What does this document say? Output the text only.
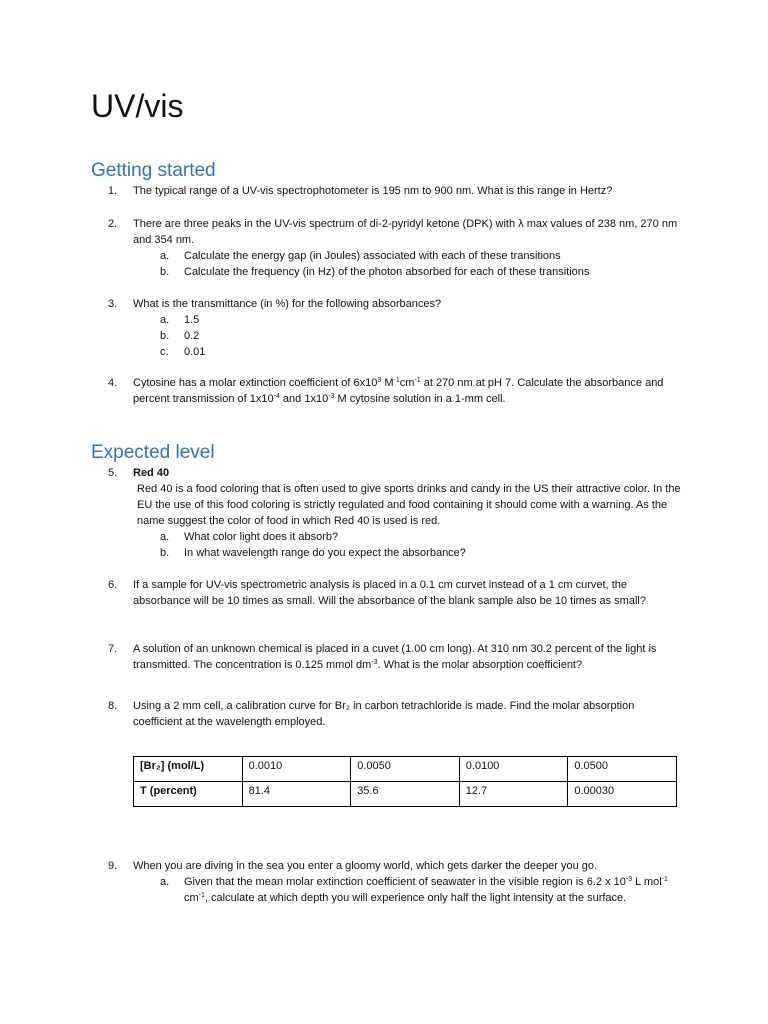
UV/vis
Getting started
1.	The typical range of a UV-vis spectrophotometer is 195 nm to 900 nm. What is this range in Hertz?
2.	There are three peaks in the UV-vis spectrum of di-2-pyridyl ketone (DPK) with λ max values of 238 nm, 270 nm and 354 nm.
a. Calculate the energy gap (in Joules) associated with each of these transitions
b. Calculate the frequency (in Hz) of the photon absorbed for each of these transitions
3.	What is the transmittance (in %) for the following absorbances?
a. 1.5
b. 0.2
c. 0.01
4.	Cytosine has a molar extinction coefficient of $6x10^3$ $M^{-1}cm^{-1}$ at 270 nm at pH 7. Calculate the absorbance and percent transmission of $1x10^{-4}$ and $1x10^{-3}$ M cytosine solution in a 1-mm cell.
Expected level
5.	Red 40
Red 40 is a food coloring that is often used to give sports drinks and candy in the US their attractive color. In the EU the use of this food coloring is strictly regulated and food containing it should come with a warning. As the name suggest the color of food in which Red 40 is used is red.
a. What color light does it absorb?
b. In what wavelength range do you expect the absorbance?
6.	If a sample for UV-vis spectrometric analysis is placed in a 0.1 cm curvet instead of a 1 cm curvet, the absorbance will be 10 times as small. Will the absorbance of the blank sample also be 10 times as small?
7.	A solution of an unknown chemical is placed in a cuvet (1.00 cm long). At 310 nm 30.2 percent of the light is transmitted. The concentration is 0.125 mmol $dm^{-3}$. What is the molar absorption coefficient?
8.	Using a 2 mm cell, a calibration curve for Br₂ in carbon tetrachloride is made. Find the molar absorption coefficient at the wavelength employed.
[Br₂] (mol/L)	0.0010	0.0050	0.0100	0.0500
T (percent)	81.4	35.6	12.7	0.00030
9.	When you are diving in the sea you enter a gloomy world, which gets darker the deeper you go.
a. Given that the mean molar extinction coefficient of seawater in the visible region is 6.2 x $10^{-3}$ L mol$^{-1}$ $cm^{-1}$, calculate at which depth you will experience only half the light intensity at the surface.
